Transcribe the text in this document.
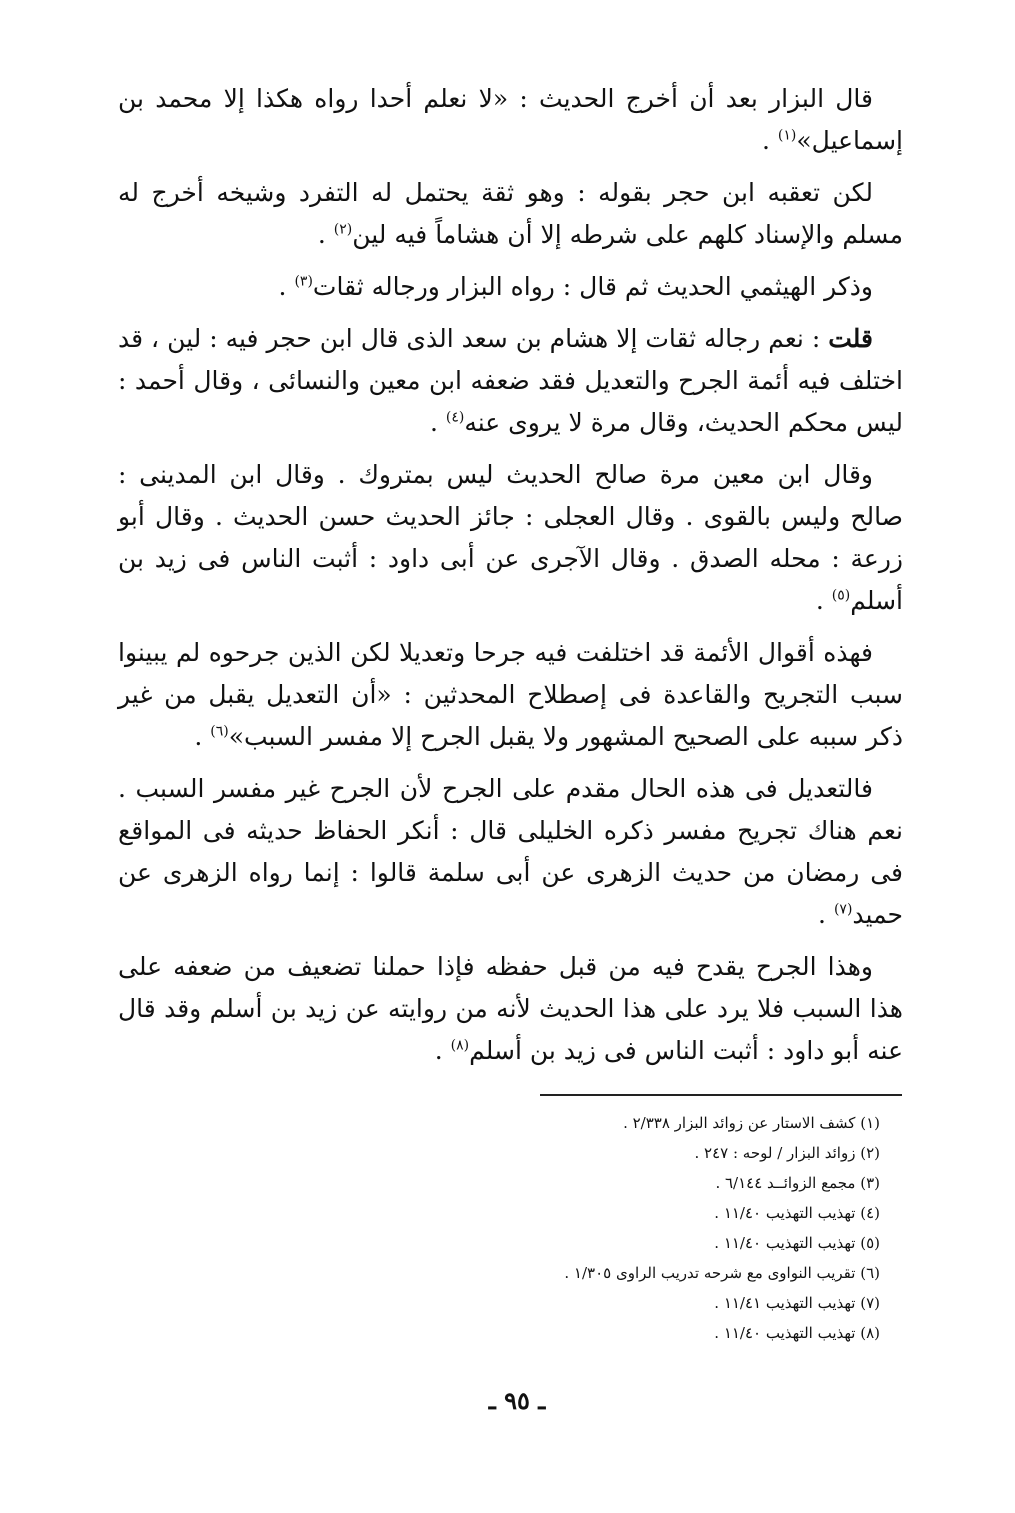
قال البزار بعد أن أخرج الحديث : «لا نعلم أحدا رواه هكذا إلا محمد بن إسماعيل»$^{(١)}$ .

لكن تعقبه ابن حجر بقوله : وهو ثقة يحتمل له التفرد وشيخه أخرج له مسلم والإسناد كلهم على شرطه إلا أن هشاماً فيه لين$^{(٢)}$ .

وذكر الهيثمي الحديث ثم قال : رواه البزار ورجاله ثقات$^{(٣)}$ .

قلت : نعم رجاله ثقات إلا هشام بن سعد الذى قال ابن حجر فيه : لين ، قد اختلف فيه أئمة الجرح والتعديل فقد ضعفه ابن معين والنسائى ، وقال أحمد : ليس محكم الحديث، وقال مرة لا يروى عنه$^{(٤)}$ .

وقال ابن معين مرة صالح الحديث ليس بمتروك . وقال ابن المدينى : صالح وليس بالقوى . وقال العجلى : جائز الحديث حسن الحديث . وقال أبو زرعة : محله الصدق . وقال الآجرى عن أبى داود : أثبت الناس فى زيد بن أسلم$^{(٥)}$ .

فهذه أقوال الأئمة قد اختلفت فيه جرحا وتعديلا لكن الذين جرحوه لم يبينوا سبب التجريح والقاعدة فى إصطلاح المحدثين : «أن التعديل يقبل من غير ذكر سببه على الصحيح المشهور ولا يقبل الجرح إلا مفسر السبب»$^{(٦)}$ .

فالتعديل فى هذه الحال مقدم على الجرح لأن الجرح غير مفسر السبب . نعم هناك تجريح مفسر ذكره الخليلى قال : أنكر الحفاظ حديثه فى المواقع فى رمضان من حديث الزهرى عن أبى سلمة قالوا : إنما رواه الزهرى عن حميد$^{(٧)}$ .

وهذا الجرح يقدح فيه من قبل حفظه فإذا حملنا تضعيف من ضعفه على هذا السبب فلا يرد على هذا الحديث لأنه من روايته عن زيد بن أسلم وقد قال عنه أبو داود : أثبت الناس فى زيد بن أسلم$^{(٨)}$ .

(١) كشف الاستار عن زوائد البزار ٢/٣٣٨ .

(٢) زوائد البزار / لوحه : ٢٤٧ .

(٣) مجمع الزوائــد ٦/١٤٤ .

(٤) تهذيب التهذيب ١١/٤٠ .

(٥) تهذيب التهذيب ١١/٤٠ .

(٦) تقريب النواوى مع شرحه تدريب الراوى ١/٣٠٥ .

(٧) تهذيب التهذيب ١١/٤١ .

(٨) تهذيب التهذيب ١١/٤٠ .

ـ ٩٥ ـ
